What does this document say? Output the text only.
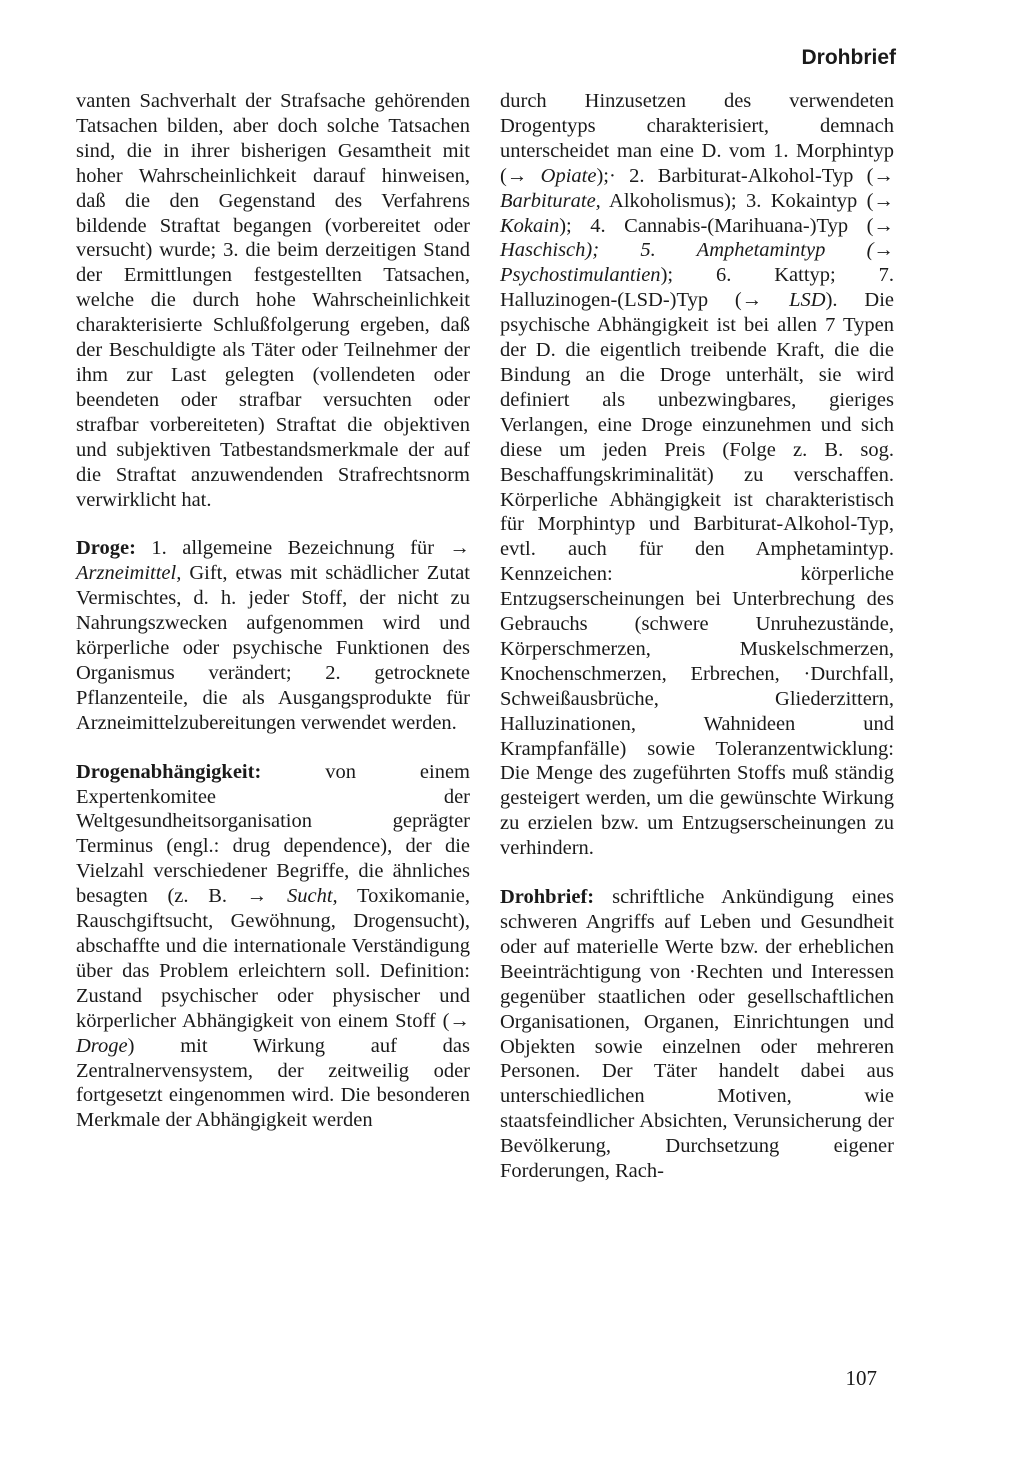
Drohbrief

vanten Sachverhalt der Strafsache gehörenden Tatsachen bilden, aber doch solche Tatsachen sind, die in ihrer bisherigen Gesamtheit mit hoher Wahrscheinlichkeit darauf hinweisen, daß die den Gegenstand des Verfahrens bildende Straftat begangen (vorbereitet oder versucht) wurde; 3. die beim derzeitigen Stand der Ermittlungen festgestellten Tatsachen, welche die durch hohe Wahrscheinlichkeit charakterisierte Schlußfolgerung ergeben, daß der Beschuldigte als Täter oder Teilnehmer der ihm zur Last gelegten (vollendeten oder beendeten oder strafbar versuchten oder strafbar vorbereiteten) Straftat die objektiven und subjektiven Tatbestandsmerkmale der auf die Straftat anzuwendenden Strafrechtsnorm verwirklicht hat.

Droge: 1. allgemeine Bezeichnung für → Arzneimittel, Gift, etwas mit schädlicher Zutat Vermischtes, d. h. jeder Stoff, der nicht zu Nahrungszwecken aufgenommen wird und körperliche oder psychische Funktionen des Organismus verändert; 2. getrocknete Pflanzenteile, die als Ausgangsprodukte für Arzneimittelzubereitungen verwendet werden.

Drogenabhängigkeit: von einem Expertenkomitee der Weltgesundheitsorganisation geprägter Terminus (engl.: drug dependence), der die Vielzahl verschiedener Begriffe, die ähnliches besagten (z. B. → Sucht, Toxikomanie, Rauschgiftsucht, Gewöhnung, Drogensucht), abschaffte und die internationale Verständigung über das Problem erleichtern soll. Definition: Zustand psychischer oder physischer und körperlicher Abhängigkeit von einem Stoff (→ Droge) mit Wirkung auf das Zentralnervensystem, der zeitweilig oder fortgesetzt eingenommen wird. Die besonderen Merkmale der Abhängigkeit werden

durch Hinzusetzen des verwendeten Drogentyps charakterisiert, demnach unterscheidet man eine D. vom 1. Morphintyp (→ Opiate);· 2. Barbiturat-Alkohol-Typ (→ Barbiturate, Alkoholismus); 3. Kokaintyp (→ Kokain); 4. Cannabis-(Marihuana-)Typ (→ Haschisch); 5. Amphetamintyp (→ Psychostimulantien); 6. Kattyp; 7. Halluzinogen-(LSD-)Typ (→ LSD). Die psychische Abhängigkeit ist bei allen 7 Typen der D. die eigentlich treibende Kraft, die die Bindung an die Droge unterhält, sie wird definiert als unbezwingbares, gieriges Verlangen, eine Droge einzunehmen und sich diese um jeden Preis (Folge z. B. sog. Beschaffungskriminalität) zu verschaffen. Körperliche Abhängigkeit ist charakteristisch für Morphintyp und Barbiturat-Alkohol-Typ, evtl. auch für den Amphetamintyp. Kennzeichen: körperliche Entzugserscheinungen bei Unterbrechung des Gebrauchs (schwere Unruhezustände, Körperschmerzen, Muskelschmerzen, Knochenschmerzen, Erbrechen, ·Durchfall, Schweißausbrüche, Gliederzittern, Halluzinationen, Wahnideen und Krampfanfälle) sowie Toleranzentwicklung: Die Menge des zugeführten Stoffs muß ständig gesteigert werden, um die gewünschte Wirkung zu erzielen bzw. um Entzugserscheinungen zu verhindern.

Drohbrief: schriftliche Ankündigung eines schweren Angriffs auf Leben und Gesundheit oder auf materielle Werte bzw. der erheblichen Beeinträchtigung von ·Rechten und Interessen gegenüber staatlichen oder gesellschaftlichen Organisationen, Organen, Einrichtungen und Objekten sowie einzelnen oder mehreren Personen. Der Täter handelt dabei aus unterschiedlichen Motiven, wie staatsfeindlicher Absichten, Verunsicherung der Bevölkerung, Durchsetzung eigener Forderungen, Rach-

107
